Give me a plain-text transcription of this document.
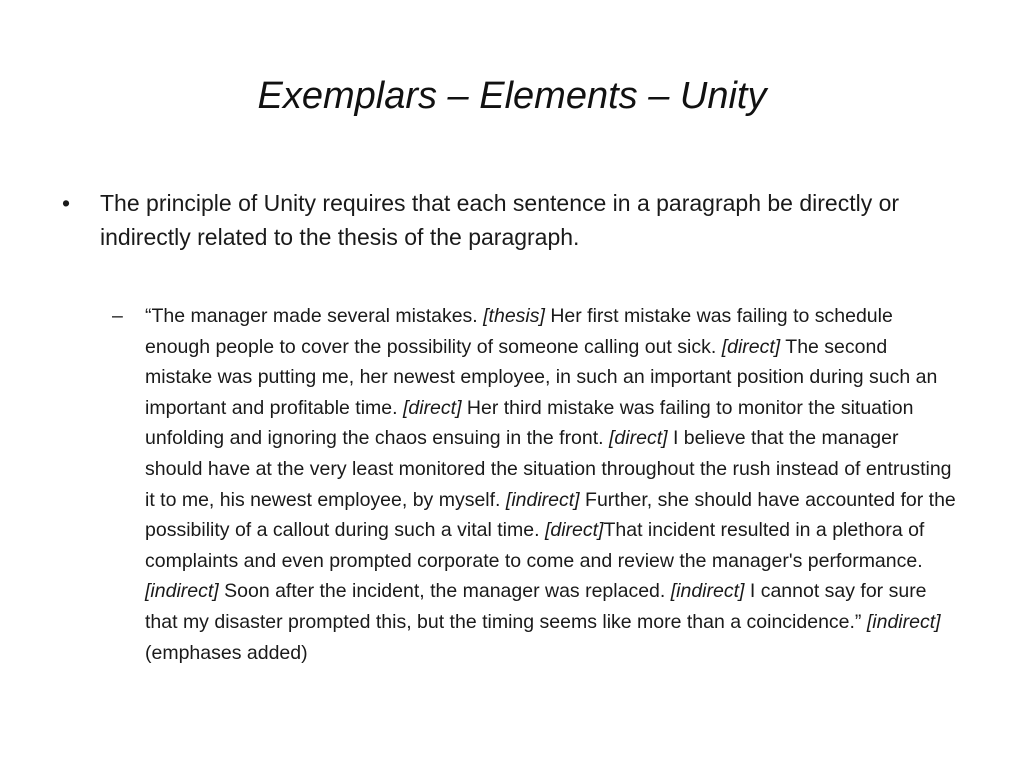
Exemplars – Elements – Unity
•	The principle of Unity requires that each sentence in a paragraph be directly or indirectly related to the thesis of the paragraph.
– “The manager made several mistakes. [thesis] Her first mistake was failing to schedule enough people to cover the possibility of someone calling out sick. [direct] The second mistake was putting me, her newest employee, in such an important position during such an important and profitable time. [direct] Her third mistake was failing to monitor the situation unfolding and ignoring the chaos ensuing in the front. [direct] I believe that the manager should have at the very least monitored the situation throughout the rush instead of entrusting it to me, his newest employee, by myself. [indirect] Further, she should have accounted for the possibility of a callout during such a vital time. [direct]That incident resulted in a plethora of complaints and even prompted corporate to come and review the manager's performance. [indirect] Soon after the incident, the manager was replaced. [indirect] I cannot say for sure that my disaster prompted this, but the timing seems like more than a coincidence.” [indirect] (emphases added)
